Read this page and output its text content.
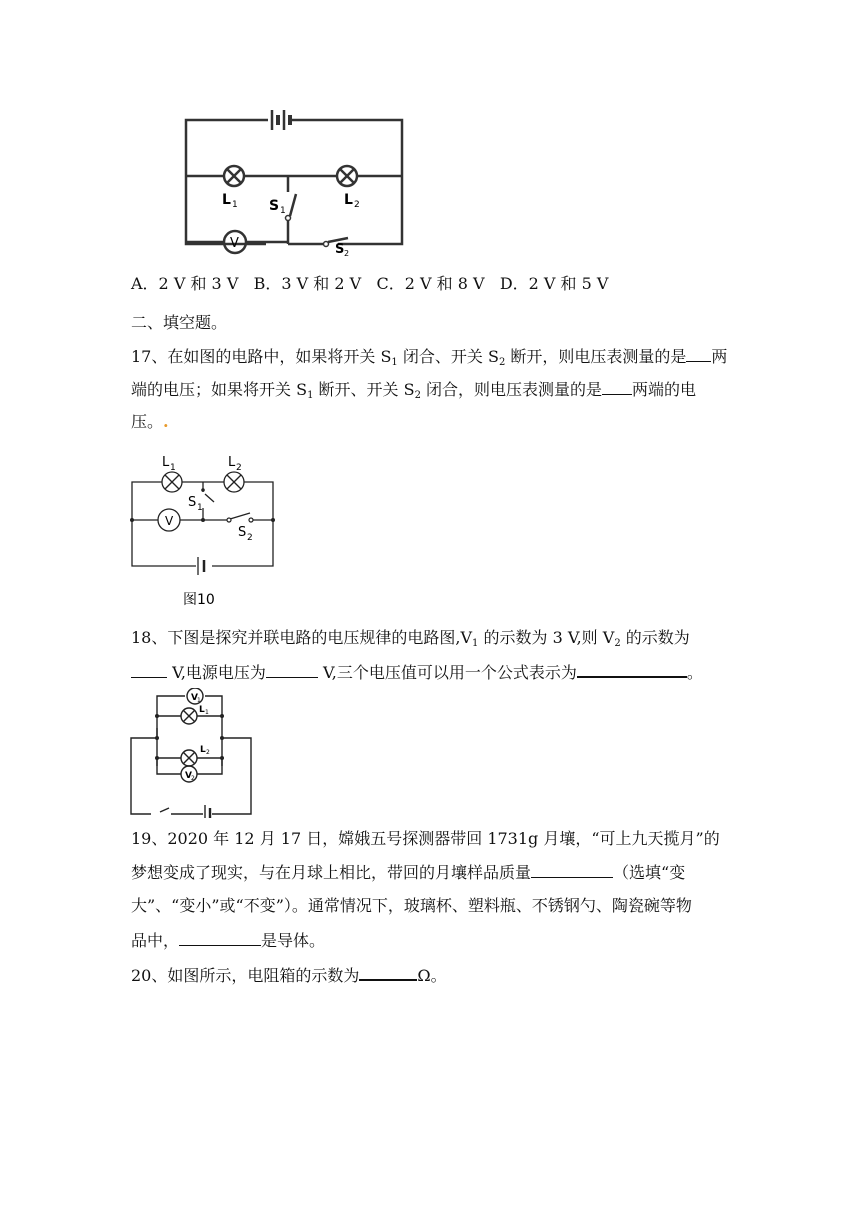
V
L 1	L 2
S 1
S 2
A．2 V 和 3 V B．3 V 和 2 V C．2 V 和 8 V D．2 V 和 5 V
二、填空题。
17、在如图的电路中，如果将开关 $S_1$ 闭合、开关 $S_2$ 断开，则电压表测量的是 两
端的电压；如果将开关 $S_1$ 断开、开关 $S_2$ 闭合，则电压表测量的是 两端的电
压。.
L 1	L 2
S 1
S 2
V
图10
18、下图是探究并联电路的电压规律的电路图$,V_1$ 的示数为 3 V,则 $V_2$ 的示数为
V,电源电压为	V,三个电压值可以用一个公式表示为	。
V 1
L 1
L 2
V 2
19、2020 年 12 月 17 日，嫦娥五号探测器带回 1731g 月壤，“可上九天揽月”的
梦想变成了现实，与在月球上相比，带回的月壤样品质量	（选填“变
大”、“变小”或“不变”）。通常情况下，玻璃杯、塑料瓶、不锈钢勺、陶瓷碗等物
品中，	是导体。
20、如图所示，电阻箱的示数为	Ω。
